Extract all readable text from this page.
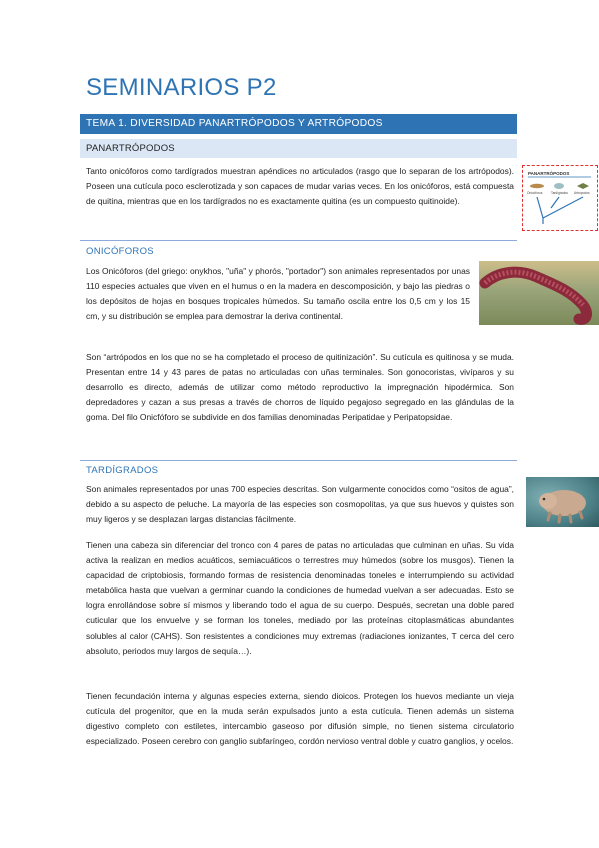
SEMINARIOS P2
TEMA 1. DIVERSIDAD PANARTRÓPODOS Y ARTRÓPODOS
PANARTRÓPODOS
Tanto onicóforos como tardígrados muestran apéndices no articulados (rasgo que lo separan de los artrópodos). Poseen una cutícula poco esclerotizada y son capaces de mudar varias veces. En los onicóforos, está compuesta de quitina, mientras que en los tardígrados no es exactamente quitina (es un compuesto quitinoide).
PANARTRÓPODOS
Onicóforos	Tardígrados Artrópodos
ONICÓFOROS
Los Onicóforos (del griego: onykhos, "uña" y phorós, "portador") son animales representados por unas 110 especies actuales que viven en el humus o en la madera en descomposición, y bajo las piedras o los depósitos de hojas en bosques tropicales húmedos. Su tamaño oscila entre los 0,5 cm y los 15 cm, y su distribución se emplea para demostrar la deriva continental.
Son “artrópodos en los que no se ha completado el proceso de quitinización”. Su cutícula es quitinosa y se muda. Presentan entre 14 y 43 pares de patas no articuladas con uñas terminales. Son gonocoristas, vivíparos y su desarrollo es directo, además de utilizar como método reproductivo la impregnación hipodérmica. Son depredadores y cazan a sus presas a través de chorros de líquido pegajoso segregado en las glándulas de la goma. Del filo Onicfóforo se subdivide en dos familias denominadas Peripatidae y Peripatopsidae.
TARDÍGRADOS
Son animales representados por unas 700 especies descritas. Son vulgarmente conocidos como “ositos de agua”, debido a su aspecto de peluche. La mayoría de las especies son cosmopolitas, ya que sus huevos y quistes son muy ligeros y se desplazan largas distancias fácilmente.
Tienen una cabeza sin diferenciar del tronco con 4 pares de patas no articuladas que culminan en uñas. Su vida activa la realizan en medios acuáticos, semiacuáticos o terrestres muy húmedos (sobre los musgos). Tienen la capacidad de criptobiosis, formando formas de resistencia denominadas toneles e interrumpiendo su actividad metabólica hasta que vuelvan a germinar cuando la condiciones de humedad vuelvan a ser adecuadas. Esto se logra enrollándose sobre sí mismos y liberando todo el agua de su cuerpo. Después, secretan una doble pared cuticular que los envuelve y se forman los toneles, mediado por las proteínas citoplasmáticas abundantes solubles al calor (CAHS). Son resistentes a condiciones muy extremas (radiaciones ionizantes, T cerca del cero absoluto, periodos muy largos de sequía…).
Tienen fecundación interna y algunas especies externa, siendo dioicos. Protegen los huevos mediante un vieja cutícula del progenitor, que en la muda serán expulsados junto a esta cutícula. Tienen además un sistema digestivo completo con estiletes, intercambio gaseoso por difusión simple, no tienen sistema circulatorio especializado. Poseen cerebro con ganglio subfaríngeo, cordón nervioso ventral doble y cuatro ganglios, y ocelos.
